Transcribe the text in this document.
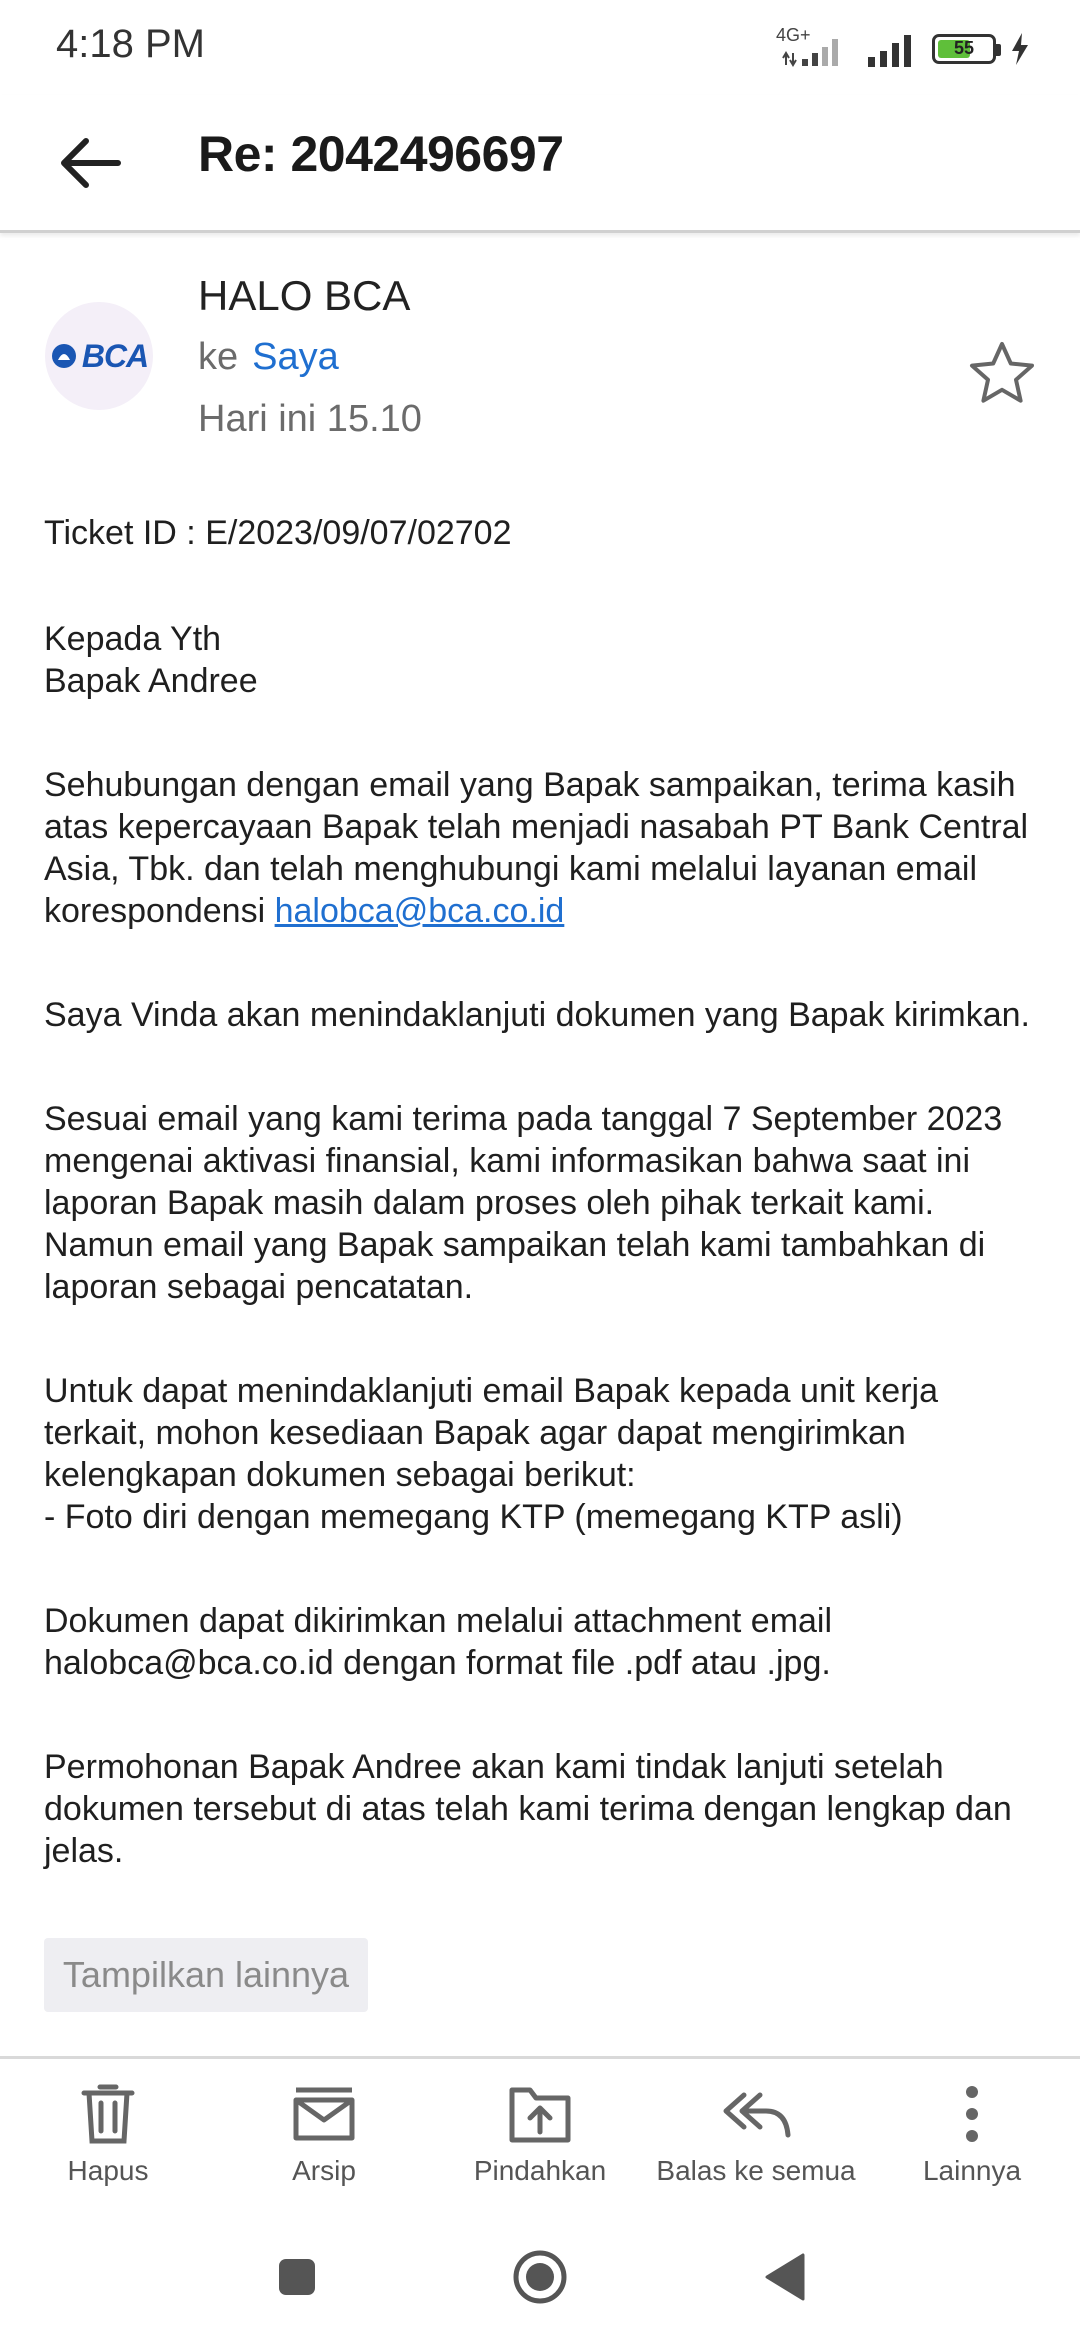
4:18 PM	4G+
55
Re: 2042496697
BCA
HALO BCA
ke Saya
Hari ini 15.10

Ticket ID : E/2023/09/07/02702

Kepada Yth
Bapak Andree

Sehubungan dengan email yang Bapak sampaikan, terima kasih atas kepercayaan Bapak telah menjadi nasabah PT Bank Central Asia, Tbk. dan telah menghubungi kami melalui layanan email korespondensi halobca@bca.co.id

Saya Vinda akan menindaklanjuti dokumen yang Bapak kirimkan.

Sesuai email yang kami terima pada tanggal 7 September 2023 mengenai aktivasi finansial, kami informasikan bahwa saat ini laporan Bapak masih dalam proses oleh pihak terkait kami. Namun email yang Bapak sampaikan telah kami tambahkan di laporan sebagai pencatatan.

Untuk dapat menindaklanjuti email Bapak kepada unit kerja terkait, mohon kesediaan Bapak agar dapat mengirimkan kelengkapan dokumen sebagai berikut:
- Foto diri dengan memegang KTP (memegang KTP asli)

Dokumen dapat dikirimkan melalui attachment email halobca@bca.co.id dengan format file .pdf atau .jpg.

Permohonan Bapak Andree akan kami tindak lanjuti setelah dokumen tersebut di atas telah kami terima dengan lengkap dan jelas.

Tampilkan lainnya
Hapus	Arsip	Pindahkan	Balas ke semua	Lainnya
